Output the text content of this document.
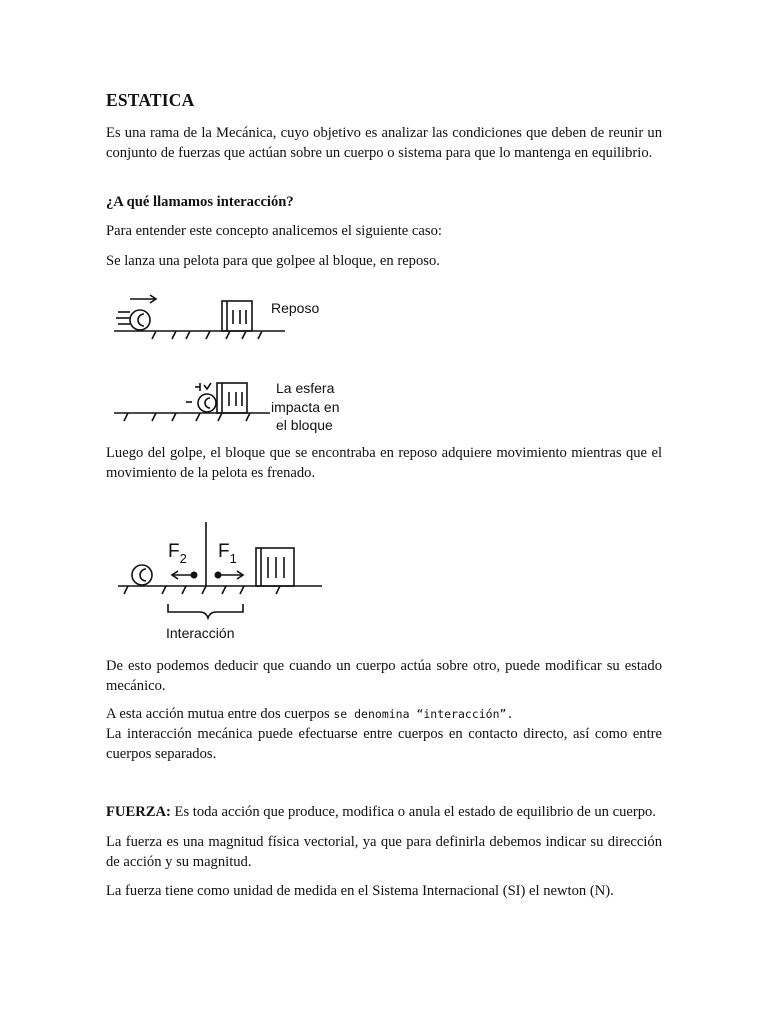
ESTATICA

Es una rama de la Mecánica, cuyo objetivo es analizar las condiciones que deben de reunir un conjunto de fuerzas que actúan sobre un cuerpo o sistema para que lo mantenga en equilibrio.

¿A qué llamamos interacción?

Para entender este concepto analicemos el siguiente caso:

Se lanza una pelota para que golpee al bloque, en reposo.

Luego del golpe, el bloque que se encontraba en reposo adquiere movimiento mientras que el movimiento de la pelota es frenado.

De esto podemos deducir que cuando un cuerpo actúa sobre otro, puede modificar su estado mecánico.

A esta acción mutua entre dos cuerpos se denomina “interacción”.

La interacción mecánica puede efectuarse entre cuerpos en contacto directo, así como entre cuerpos separados.

FUERZA: Es toda acción que produce, modifica o anula el estado de equilibrio de un cuerpo.

La fuerza es una magnitud física vectorial, ya que para definirla debemos indicar su dirección de acción y su magnitud.

La fuerza tiene como unidad de medida en el Sistema Internacional (SI) el newton (N).

Reposo
La esfera
impacta en
el bloque
$F_2$ $F_1$
Interacción
